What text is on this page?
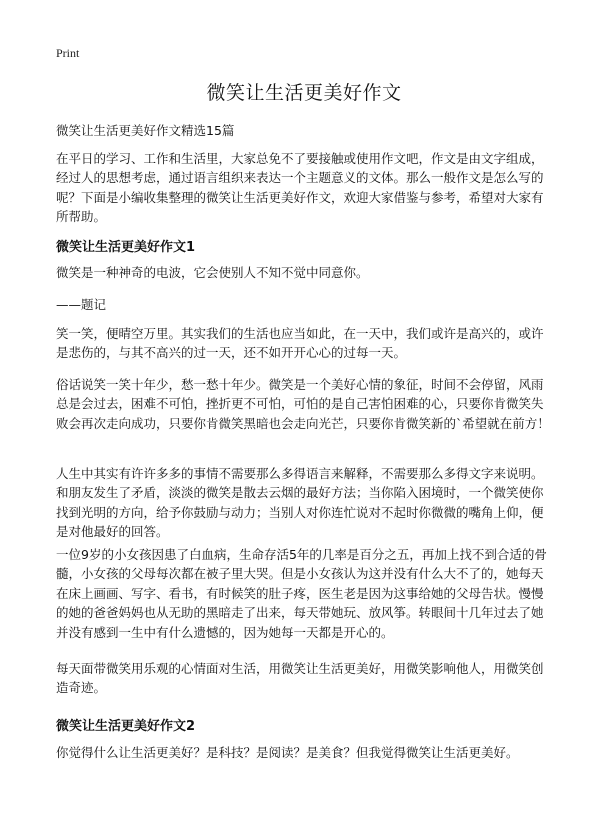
Print
微笑让生活更美好作文
微笑让生活更美好作文精选15篇
在平日的学习、工作和生活里，大家总免不了要接触或使用作文吧，作文是由文字组成，经过人的思想考虑，通过语言组织来表达一个主题意义的文体。那么一般作文是怎么写的呢？下面是小编收集整理的微笑让生活更美好作文，欢迎大家借鉴与参考，希望对大家有所帮助。
微笑让生活更美好作文1
微笑是一种神奇的电波，它会使别人不知不觉中同意你。
——题记
笑一笑，便晴空万里。其实我们的生活也应当如此，在一天中，我们或许是高兴的，或许是悲伤的，与其不高兴的过一天，还不如开开心心的过每一天。
俗话说笑一笑十年少，愁一愁十年少。微笑是一个美好心情的象征，时间不会停留，风雨总是会过去，困难不可怕，挫折更不可怕，可怕的是自己害怕困难的心，只要你肯微笑失败会再次走向成功，只要你肯微笑黑暗也会走向光芒，只要你肯微笑新的`希望就在前方！
人生中其实有许许多多的事情不需要那么多得语言来解释，不需要那么多得文字来说明。和朋友发生了矛盾，淡淡的微笑是散去云烟的最好方法；当你陷入困境时，一个微笑使你找到光明的方向，给予你鼓励与动力；当别人对你连忙说对不起时你微微的嘴角上仰，便是对他最好的回答。
一位9岁的小女孩因患了白血病，生命存活5年的几率是百分之五，再加上找不到合适的骨髓，小女孩的父母每次都在被子里大哭。但是小女孩认为这并没有什么大不了的，她每天在床上画画、写字、看书，有时候笑的肚子疼，医生老是因为这事给她的父母告状。慢慢的她的爸爸妈妈也从无助的黑暗走了出来，每天带她玩、放风筝。转眼间十几年过去了她并没有感到一生中有什么遗憾的，因为她每一天都是开心的。
每天面带微笑用乐观的心情面对生活，用微笑让生活更美好，用微笑影响他人，用微笑创造奇迹。
微笑让生活更美好作文2
你觉得什么让生活更美好？是科技？是阅读？是美食？但我觉得微笑让生活更美好。
